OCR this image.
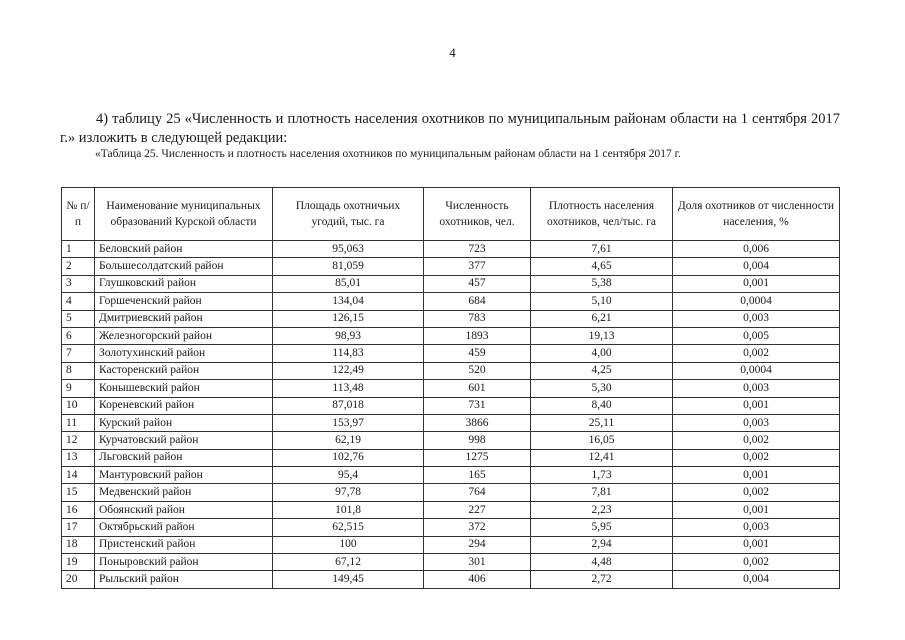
4

4) таблицу 25 «Численность и плотность населения охотников по муниципальным районам области на 1 сентября 2017 г.» изложить в следующей редакции:

«Таблица 25. Численность и плотность населения охотников по муниципальным районам области на 1 сентября 2017 г.
№ п/п	Наименование муниципальных образований Курской области	Площадь охотничьих угодий, тыс. га	Численность охотников, чел.	Плотность населения охотников, чел/тыс. га	Доля охотников от численности населения, %
1	Беловский район	95,063	723	7,61	0,006
2	Большесолдатский район	81,059	377	4,65	0,004
3	Глушковский район	85,01	457	5,38	0,001
4	Горшеченский район	134,04	684	5,10	0,0004
5	Дмитриевский район	126,15	783	6,21	0,003
6	Железногорский район	98,93	1893	19,13	0,005
7	Золотухинский район	114,83	459	4,00	0,002
8	Касторенский район	122,49	520	4,25	0,0004
9	Конышевский район	113,48	601	5,30	0,003
10	Кореневский район	87,018	731	8,40	0,001
11	Курский район	153,97	3866	25,11	0,003
12	Курчатовский район	62,19	998	16,05	0,002
13	Льговский район	102,76	1275	12,41	0,002
14	Мантуровский район	95,4	165	1,73	0,001
15	Медвенский район	97,78	764	7,81	0,002
16	Обоянский район	101,8	227	2,23	0,001
17	Октябрьский район	62,515	372	5,95	0,003
18	Пристенский район	100	294	2,94	0,001
19	Поныровский район	67,12	301	4,48	0,002
20	Рыльский район	149,45	406	2,72	0,004
